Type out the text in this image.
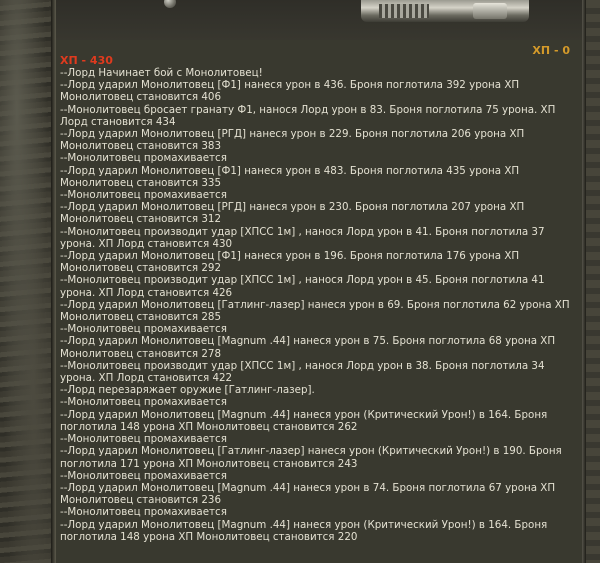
ХП - 0
ХП - 430
--Лорд Начинает бой с Монолитовец!
--Лорд ударил Монолитовец [Ф1] нанеся урон в 436. Броня поглотила 392 урона ХП Монолитовец становится 406
--Монолитовец бросает гранату Ф1, нанося Лорд урон в 83. Броня поглотила 75 урона. ХП Лорд становится 434
--Лорд ударил Монолитовец [РГД] нанеся урон в 229. Броня поглотила 206 урона ХП Монолитовец становится 383
--Монолитовец промахивается
--Лорд ударил Монолитовец [Ф1] нанеся урон в 483. Броня поглотила 435 урона ХП Монолитовец становится 335
--Монолитовец промахивается
--Лорд ударил Монолитовец [РГД] нанеся урон в 230. Броня поглотила 207 урона ХП Монолитовец становится 312
--Монолитовец производит удар [ХПСС 1м] , нанося Лорд урон в 41. Броня поглотила 37 урона. ХП Лорд становится 430
--Лорд ударил Монолитовец [Ф1] нанеся урон в 196. Броня поглотила 176 урона ХП Монолитовец становится 292
--Монолитовец производит удар [ХПСС 1м] , нанося Лорд урон в 45. Броня поглотила 41 урона. ХП Лорд становится 426
--Лорд ударил Монолитовец [Гатлинг-лазер] нанеся урон в 69. Броня поглотила 62 урона ХП Монолитовец становится 285
--Монолитовец промахивается
--Лорд ударил Монолитовец [Magnum .44] нанеся урон в 75. Броня поглотила 68 урона ХП Монолитовец становится 278
--Монолитовец производит удар [ХПСС 1м] , нанося Лорд урон в 38. Броня поглотила 34 урона. ХП Лорд становится 422
--Лорд перезаряжает оружие [Гатлинг-лазер].
--Монолитовец промахивается
--Лорд ударил Монолитовец [Magnum .44] нанеся урон (Критический Урон!) в 164. Броня поглотила 148 урона ХП Монолитовец становится 262
--Монолитовец промахивается
--Лорд ударил Монолитовец [Гатлинг-лазер] нанеся урон (Критический Урон!) в 190. Броня поглотила 171 урона ХП Монолитовец становится 243
--Монолитовец промахивается
--Лорд ударил Монолитовец [Magnum .44] нанеся урон в 74. Броня поглотила 67 урона ХП Монолитовец становится 236
--Монолитовец промахивается
--Лорд ударил Монолитовец [Magnum .44] нанеся урон (Критический Урон!) в 164. Броня поглотила 148 урона ХП Монолитовец становится 220
